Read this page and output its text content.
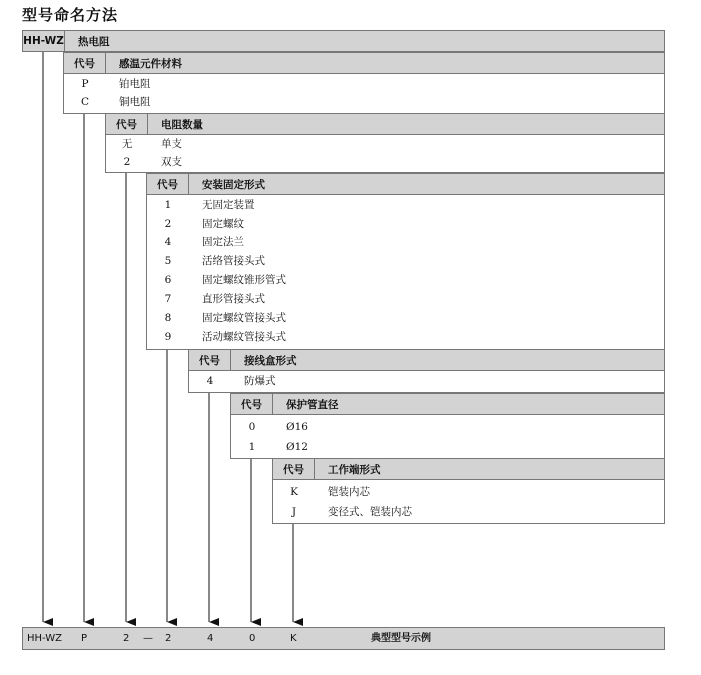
型号命名方法
HH-WZ 热电阻
代号	感温元件材料
P	铂电阻
C	铜电阻
代号	电阻数量
无	单支
2	双支
代号	安装固定形式
1	无固定装置
2	固定螺纹
4	固定法兰
5	活络管接头式
6	固定螺纹锥形管式
7	直形管接头式
8	固定螺纹管接头式
9	活动螺纹管接头式
代号	接线盒形式
4	防爆式
代号	保护管直径
0	Ø16
1	Ø12
代号	工作端形式
K	铠装内芯
J	变径式、铠装内芯
HH-WZ P	2 — 2	4	0	K	典型型号示例
